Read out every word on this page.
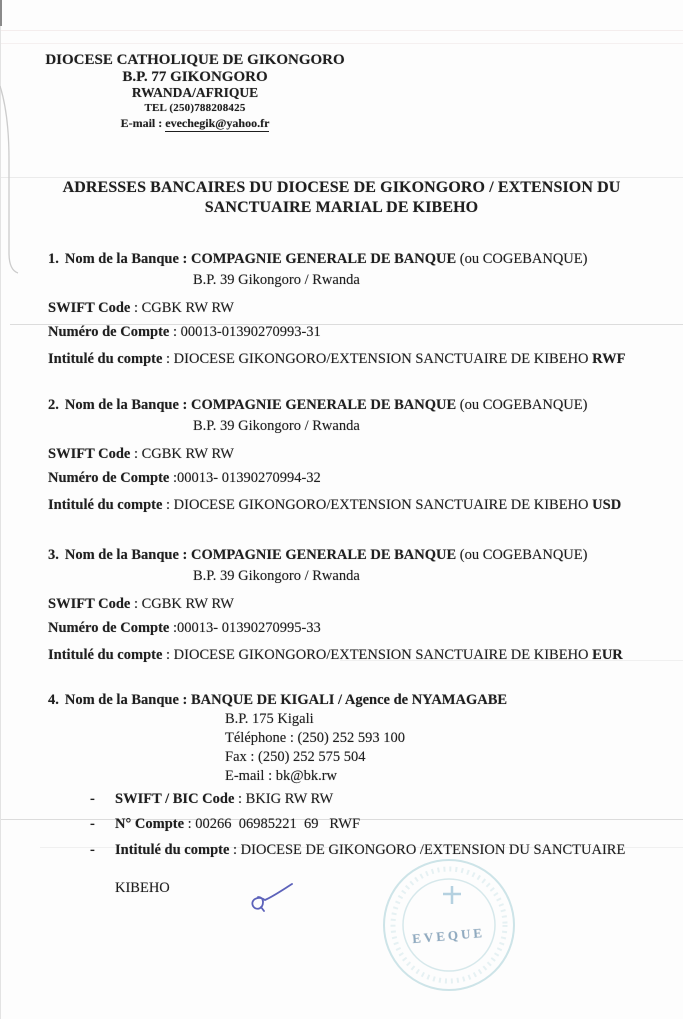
DIOCESE CATHOLIQUE DE GIKONGORO
B.P. 77 GIKONGORO
RWANDA/AFRIQUE
TEL (250)788208425
E-mail : evechegik@yahoo.fr
ADRESSES BANCAIRES DU DIOCESE DE GIKONGORO / EXTENSION DU
SANCTUAIRE MARIAL DE KIBEHO
1. Nom de la Banque : COMPAGNIE GENERALE DE BANQUE (ou COGEBANQUE)
B.P. 39 Gikongoro / Rwanda
SWIFT Code : CGBK RW RW
Numéro de Compte : 00013-01390270993-31
Intitulé du compte : DIOCESE GIKONGORO/EXTENSION SANCTUAIRE DE KIBEHO RWF
2. Nom de la Banque : COMPAGNIE GENERALE DE BANQUE (ou COGEBANQUE)
B.P. 39 Gikongoro / Rwanda
SWIFT Code : CGBK RW RW
Numéro de Compte :00013- 01390270994-32
Intitulé du compte : DIOCESE GIKONGORO/EXTENSION SANCTUAIRE DE KIBEHO USD
3. Nom de la Banque : COMPAGNIE GENERALE DE BANQUE (ou COGEBANQUE)
B.P. 39 Gikongoro / Rwanda
SWIFT Code : CGBK RW RW
Numéro de Compte :00013- 01390270995-33
Intitulé du compte : DIOCESE GIKONGORO/EXTENSION SANCTUAIRE DE KIBEHO EUR
4. Nom de la Banque : BANQUE DE KIGALI / Agence de NYAMAGABE
B.P. 175 Kigali
Téléphone : (250) 252 593 100
Fax : (250) 252 575 504
E-mail : bk@bk.rw
- SWIFT / BIC Code : BKIG RW RW
- N° Compte : 00266  06985221  69   RWF
- Intitulé du compte : DIOCESE DE GIKONGORO /EXTENSION DU SANCTUAIRE

KIBEHO

EVEQUE
